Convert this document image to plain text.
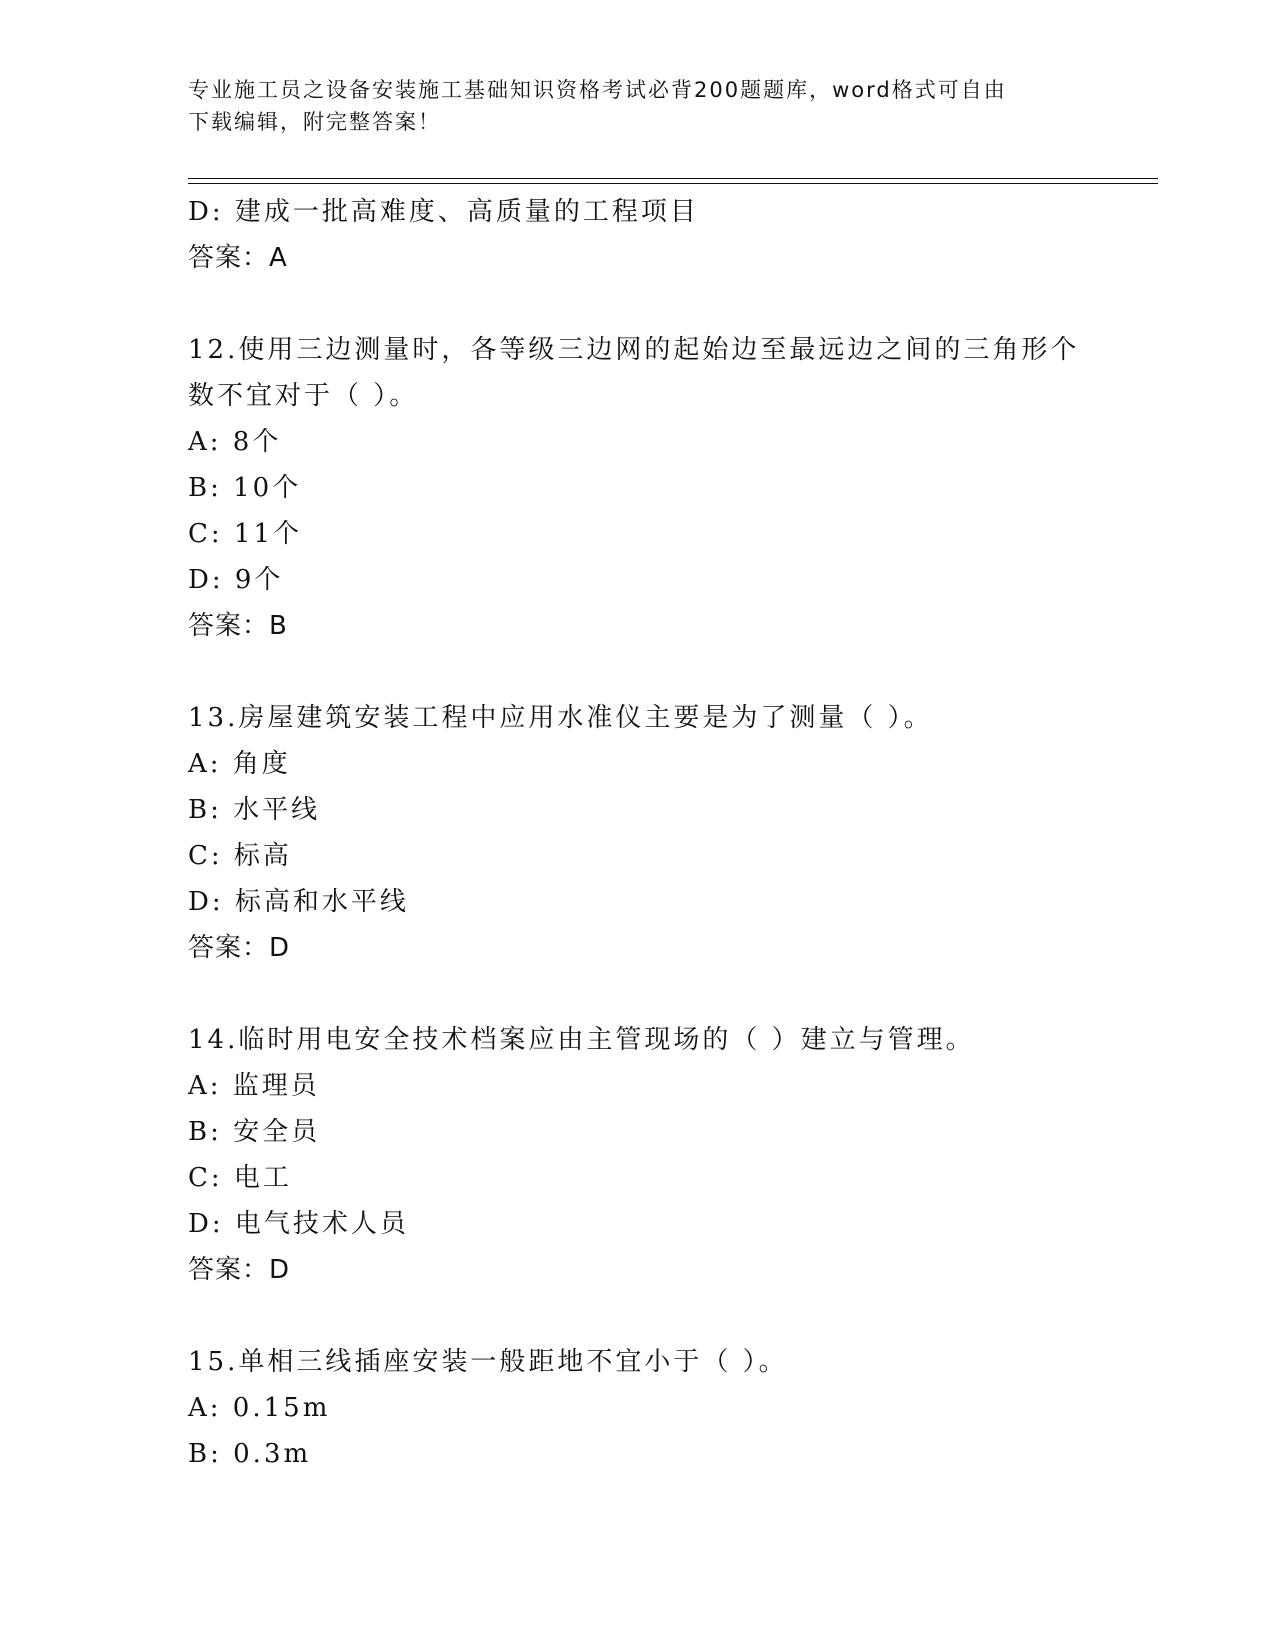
专业施工员之设备安装施工基础知识资格考试必背200题题库，word格式可自由
下载编辑，附完整答案！
D: 建成一批高难度、高质量的工程项目
答案：A
12.使用三边测量时，各等级三边网的起始边至最远边之间的三角形个
数不宜对于（ ）。
A: 8个
B: 10个
C: 11个
D: 9个
答案：B
13.房屋建筑安装工程中应用水准仪主要是为了测量（ ）。
A: 角度
B: 水平线
C: 标高
D: 标高和水平线
答案：D
14.临时用电安全技术档案应由主管现场的（ ）建立与管理。
A: 监理员
B: 安全员
C: 电工
D: 电气技术人员
答案：D
15.单相三线插座安装一般距地不宜小于（ ）。
A: 0.15m
B: 0.3m
